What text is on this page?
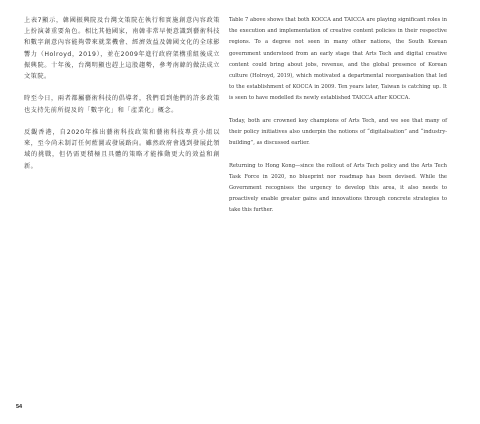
上表7顯示，韓國振興院及台灣文策院在執行和實施創意內容政策上扮演著重要角色。相比其他國家，南韓非常早便意識到藝術科技和數字創意內容能夠帶來就業機會、經濟效益及韓國文化的全球影響力（Holroyd，2019），並在2009年進行政府架構重組後成立振興院。十年後，台灣明顯也趕上這股趨勢，參考南韓的做法成立文策院。

時至今日，兩者都屬藝術科技的倡導者，我們看到他們的許多政策也支持先前所提及的「數字化」和「產業化」概念。

反觀香港，自2020年推出藝術科技政策和藝術科技專責小組以來，至今尚未制訂任何藍圖或發展路向。雖然政府會遇到發展此領域的挑戰，但仍需更積極且具體的策略才能推動更大的效益和創新。

Table 7 above shows that both KOCCA and TAICCA are playing significant roles in the execution and implementation of creative content policies in their respective regions. To a degree not seen in many other nations, the South Korean government understood from an early stage that Arts Tech and digital creative content could bring about jobs, revenue, and the global presence of Korean culture (Holroyd, 2019), which motivated a departmental reorganisation that led to the establishment of KOCCA in 2009. Ten years later, Taiwan is catching up. It is seen to have modelled its newly established TAICCA after KOCCA.

Today, both are crowned key champions of Arts Tech, and we see that many of their policy initiatives also underpin the notions of “digitalisation” and “industry-building”, as discussed earlier.

Returning to Hong Kong—since the rollout of Arts Tech policy and the Arts Tech Task Force in 2020, no blueprint nor roadmap has been devised. While the Government recognises the urgency to develop this area, it also needs to proactively enable greater gains and innovations through concrete strategies to take this further.

54
